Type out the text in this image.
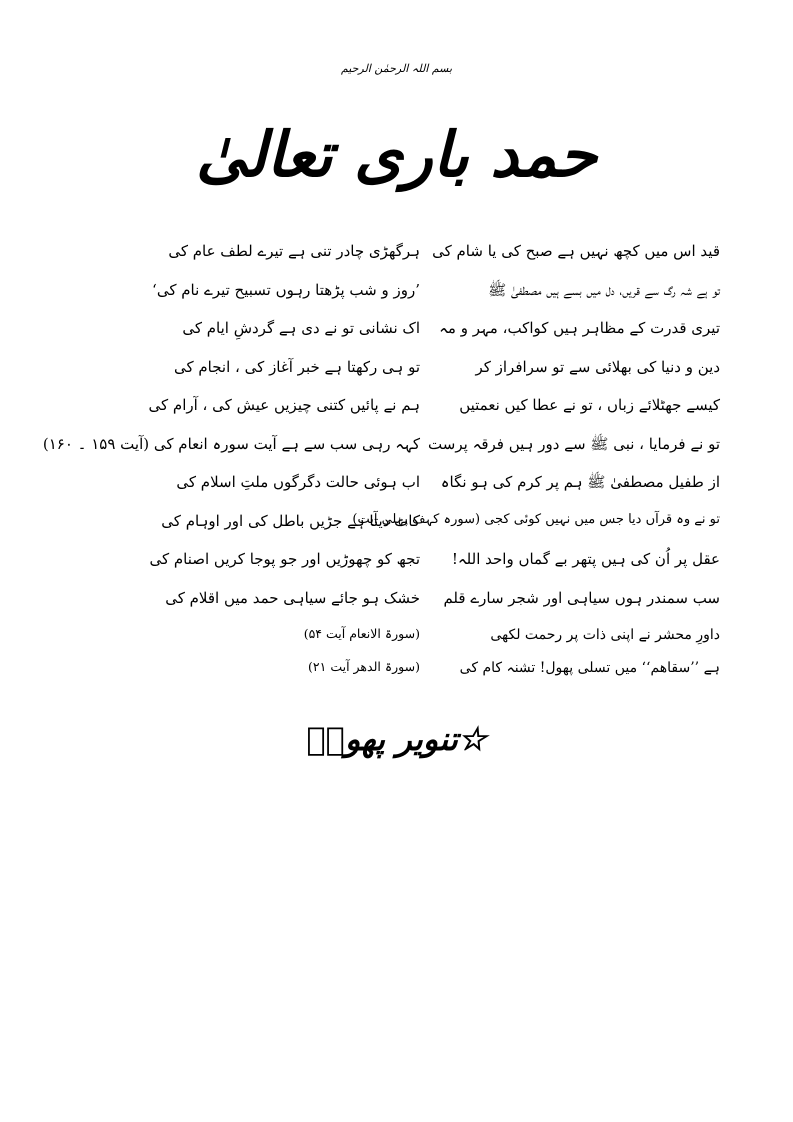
بسم اللہ الرحمٰن الرحیم
حمد باری تعالیٰ
قید اس میں کچھ نہیں ہے صبح کی یا شام کی
ہرگھڑی چادر تنی ہے تیرے لطف عام کی
تو ہے شہ رگ سے قریں، دل میں بسے ہیں مصطفیٰ ﷺ
’روز و شب پڑھتا رہوں تسبیح تیرے نام کی‘
تیری قدرت کے مظاہر ہیں کواکب، مہر و مہ
اک نشانی تو نے دی ہے گردشِ ایام کی
دین و دنیا کی بھلائی سے تو سرافراز کر
تو ہی رکھتا ہے خبر آغاز کی ، انجام کی
کیسے جھٹلائے زباں ، تو نے عطا کیں نعمتیں
ہم نے پائیں کتنی چیزیں عیش کی ، آرام کی
تو نے فرمایا ، نبی ﷺ سے دور ہیں فرقہ پرست
کہہ رہی سب سے ہے آیت سورہ انعام کی (آیت ۱۵۹ ۔ ۱۶۰)
از طفیل مصطفیٰ ﷺ ہم پر کرم کی ہو نگاہ
اب ہوئی حالت دگرگوں ملتِ اسلام کی
تو نے وہ قرآں دیا جس میں نہیں کوئی کجی (سورہ کہف پہلی آیت)
کاٹ دیتا ہے جڑیں باطل کی اور اوہام کی
عقل پر اُن کی ہیں پتھر بے گماں واحد اللہ!
تجھ کو چھوڑیں اور جو پوجا کریں اصنام کی
سب سمندر ہوں سیاہی اور شجر سارے قلم
خشک ہو جائے سیاہی حمد میں اقلام کی
داورِ محشر نے اپنی ذات پر رحمت لکھی
(سورۃ الانعام آیت ۵۴)
ہے ’’سقاھم‘‘ میں تسلی پھول! تشنہ کام کی
(سورۃ الدھر آیت ۲۱)
☆تنویر پھولؔ
